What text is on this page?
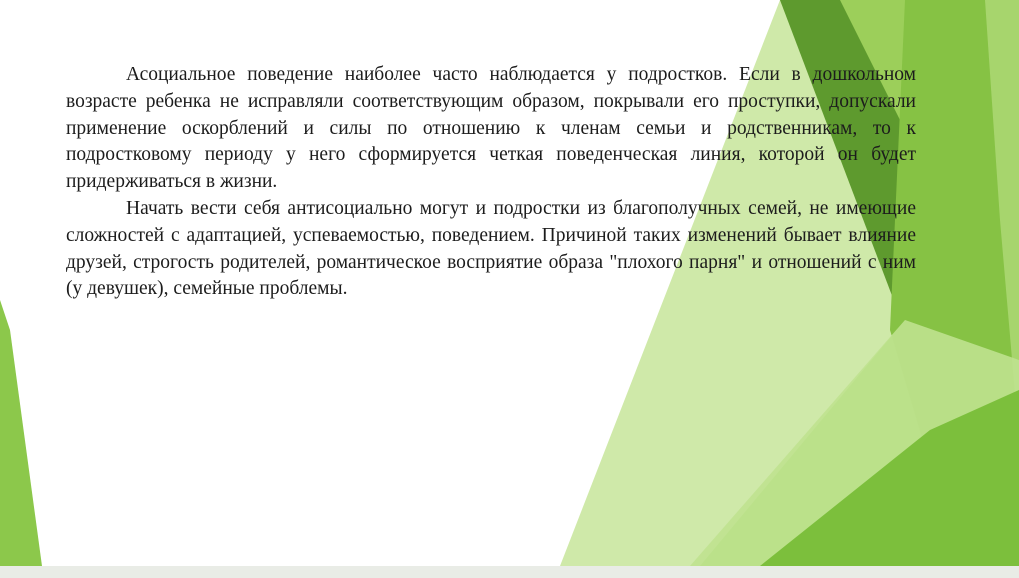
Асоциальное поведение наиболее часто наблюдается у подростков. Если в дошкольном возрасте ребенка не исправляли соответствующим образом, покрывали его проступки, допускали применение оскорблений и силы по отношению к членам семьи и родственникам, то к подростковому периоду у него сформируется четкая поведенческая линия, которой он будет придерживаться в жизни.

Начать вести себя антисоциально могут и подростки из благополучных семей, не имеющие сложностей с адаптацией, успеваемостью, поведением. Причиной таких изменений бывает влияние друзей, строгость родителей, романтическое восприятие образа "плохого парня" и отношений с ним (у девушек), семейные проблемы.
